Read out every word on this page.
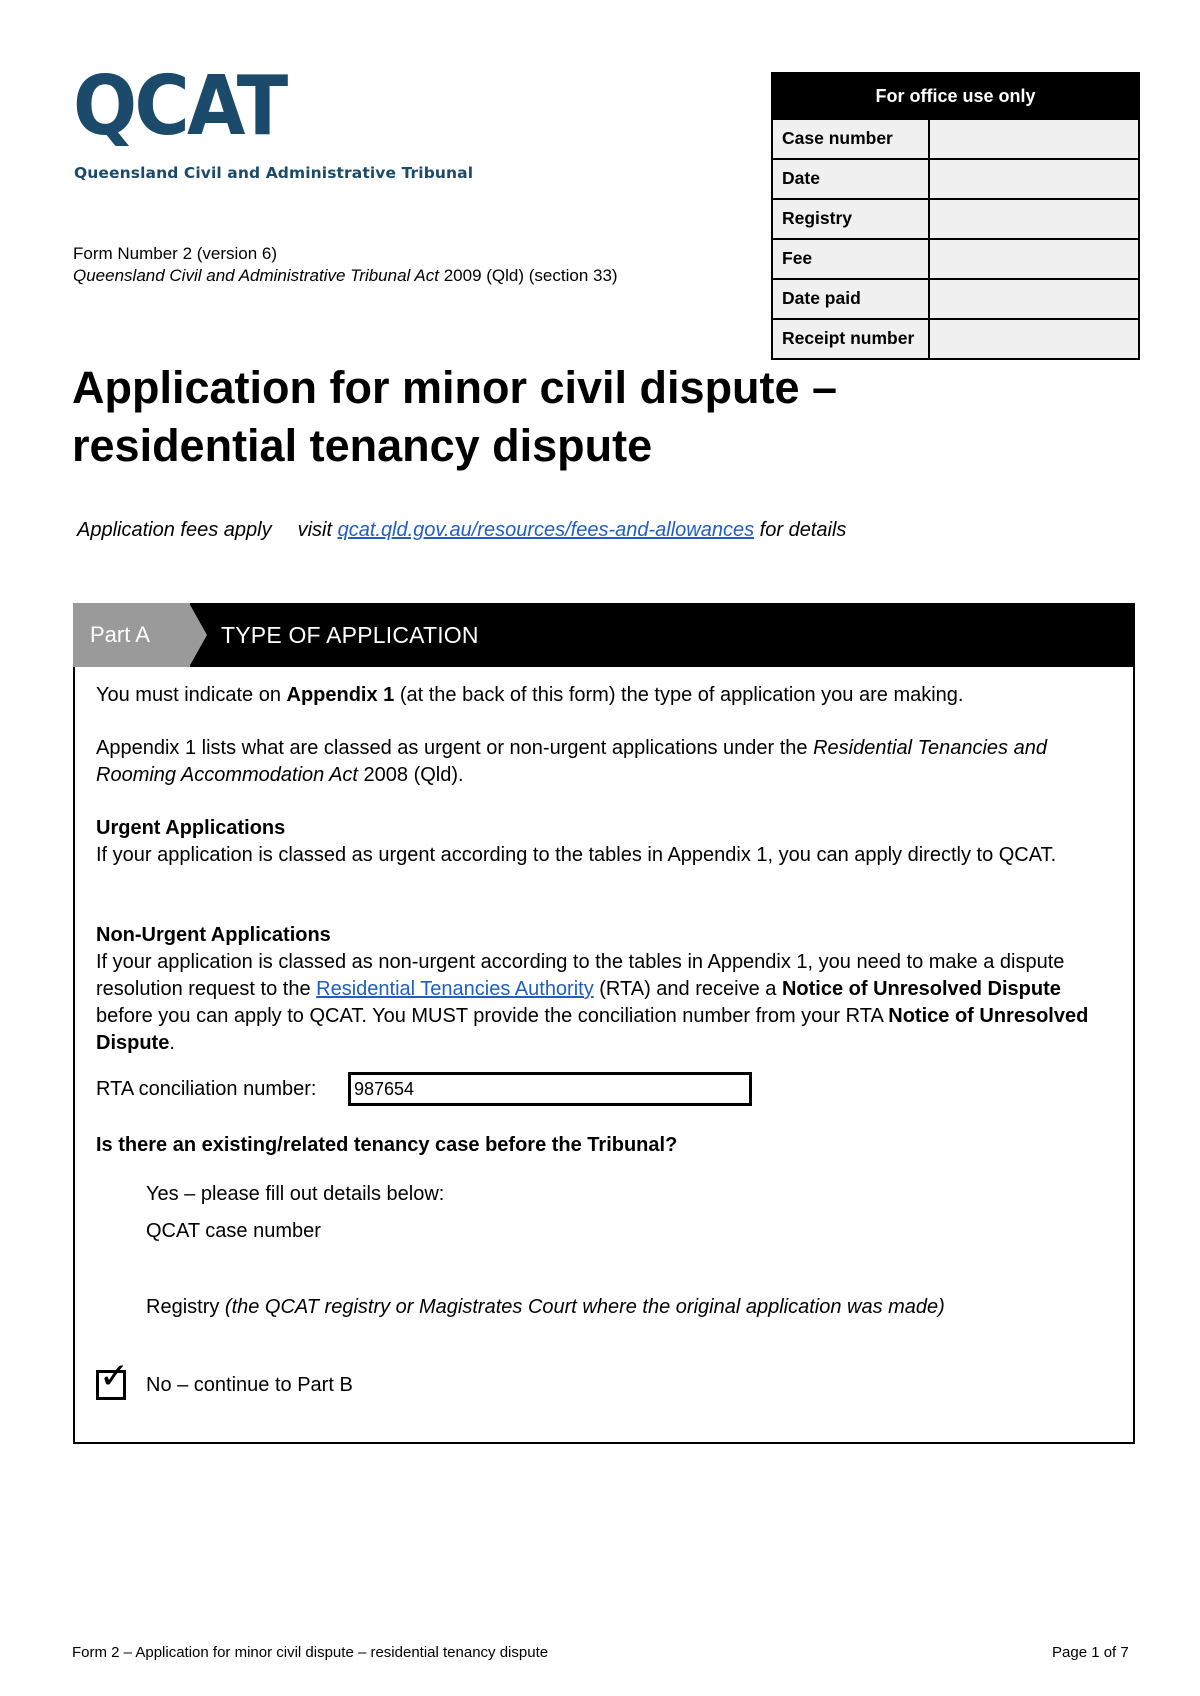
QCAT
Queensland Civil and Administrative Tribunal
Form Number 2 (version 6)
Queensland Civil and Administrative Tribunal Act 2009 (Qld) (section 33)
For office use only
Case number
Date
Registry
Fee
Date paid
Receipt number
Application for minor civil dispute –
residential tenancy dispute
Application fees apply visit qcat.qld.gov.au/resources/fees-and-allowances for details
Part A	TYPE OF APPLICATION
You must indicate on Appendix 1 (at the back of this form) the type of application you are making.
Appendix 1 lists what are classed as urgent or non-urgent applications under the Residential Tenancies and Rooming Accommodation Act 2008 (Qld).
Urgent Applications
If your application is classed as urgent according to the tables in Appendix 1, you can apply directly to QCAT.
Non-Urgent Applications
If your application is classed as non-urgent according to the tables in Appendix 1, you need to make a dispute resolution request to the Residential Tenancies Authority (RTA) and receive a Notice of Unresolved Dispute before you can apply to QCAT. You MUST provide the conciliation number from your RTA Notice of Unresolved Dispute.
RTA conciliation number:	987654
Is there an existing/related tenancy case before the Tribunal?
Yes – please fill out details below:
QCAT case number
Registry (the QCAT registry or Magistrates Court where the original application was made)
✓ No – continue to Part B
Form 2 – Application for minor civil dispute – residential tenancy dispute	Page 1 of 7
